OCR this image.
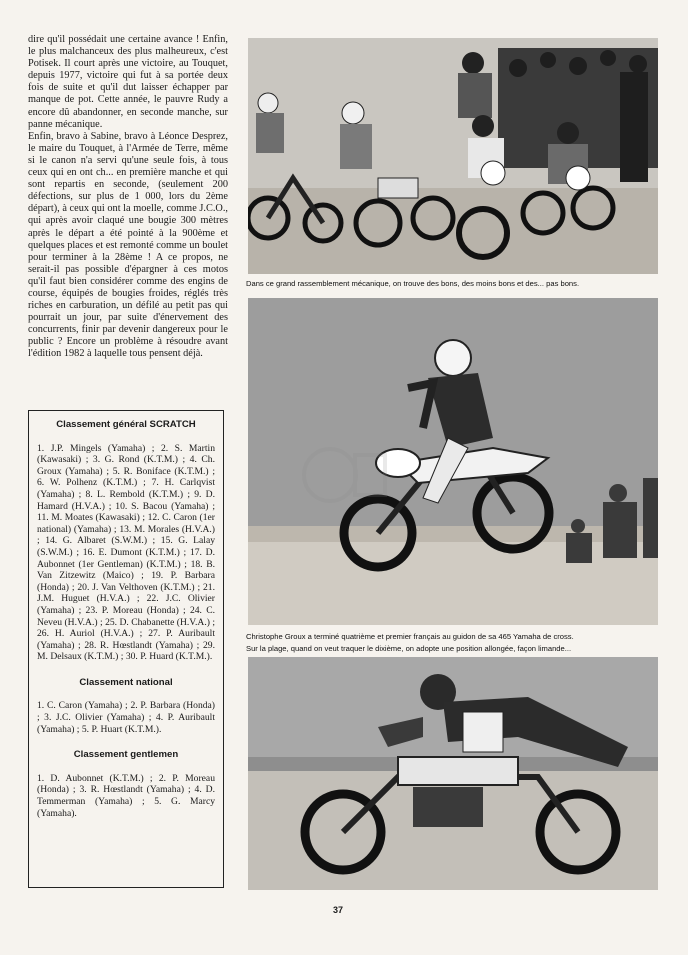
dire qu'il possédait une certaine avance ! Enfin, le plus malchanceux des plus malheureux, c'est Potisek. Il court après une victoire, au Touquet, depuis 1977, victoire qui fut à sa portée deux fois de suite et qu'il dut laisser échapper par manque de pot. Cette année, le pauvre Rudy a encore dû abandonner, en seconde manche, sur panne mécanique.

Enfin, bravo à Sabine, bravo à Léonce Desprez, le maire du Touquet, à l'Armée de Terre, même si le canon n'a servi qu'une seule fois, à tous ceux qui en ont ch... en première manche et qui sont repartis en seconde, (seulement 200 défections, sur plus de 1 000, lors du 2ème départ), à ceux qui ont la moelle, comme J.C.O., qui après avoir claqué une bougie 300 mètres après le départ a été pointé à la 900ème et quelques places et est remonté comme un boulet pour terminer à la 28ème ! A ce propos, ne serait-il pas possible d'épargner à ces motos qu'il faut bien considérer comme des engins de course, équipés de bougies froides, réglés très riches en carburation, un défilé au petit pas qui pourrait un jour, par suite d'énervement des concurrents, finir par devenir dangereux pour le public ? Encore un problème à résoudre avant l'édition 1982 à laquelle tous pensent déjà.

Classement général SCRATCH

1. J.P. Mingels (Yamaha) ; 2. S. Martin (Kawasaki) ; 3. G. Rond (K.T.M.) ; 4. Ch. Groux (Yamaha) ; 5. R. Boniface (K.T.M.) ; 6. W. Polhenz (K.T.M.) ; 7. H. Carlqvist (Yamaha) ; 8. L. Rembold (K.T.M.) ; 9. D. Hamard (H.V.A.) ; 10. S. Bacou (Yamaha) ; 11. M. Moates (Kawasaki) ; 12. C. Caron (1er national) (Yamaha) ; 13. M. Morales (H.V.A.) ; 14. G. Albaret (S.W.M.) ; 15. G. Lalay (S.W.M.) ; 16. E. Dumont (K.T.M.) ; 17. D. Aubonnet (1er Gentleman) (K.T.M.) ; 18. B. Van Zitzewitz (Maico) ; 19. P. Barbara (Honda) ; 20. J. Van Velthoven (K.T.M.) ; 21. J.M. Huguet (H.V.A.) ; 22. J.C. Olivier (Yamaha) ; 23. P. Moreau (Honda) ; 24. C. Neveu (H.V.A.) ; 25. D. Chabanette (H.V.A.) ; 26. H. Auriol (H.V.A.) ; 27. P. Auribault (Yamaha) ; 28. R. Hœstlandt (Yamaha) ; 29. M. Delsaux (K.T.M.) ; 30. P. Huard (K.T.M.).

Classement national

1. C. Caron (Yamaha) ; 2. P. Barbara (Honda) ; 3. J.C. Olivier (Yamaha) ; 4. P. Auribault (Yamaha) ; 5. P. Huart (K.T.M.).

Classement gentlemen

1. D. Aubonnet (K.T.M.) ; 2. P. Moreau (Honda) ; 3. R. Hœstlandt (Yamaha) ; 4. D. Temmerman (Yamaha) ; 5. G. Marcy (Yamaha).

Dans ce grand rassemblement mécanique, on trouve des bons, des moins bons et des... pas bons.
Christophe Groux a terminé quatrième et premier français au guidon de sa 465 Yamaha de cross.
Sur la plage, quand on veut traquer le dixième, on adopte une position allongée, façon limande...
37
